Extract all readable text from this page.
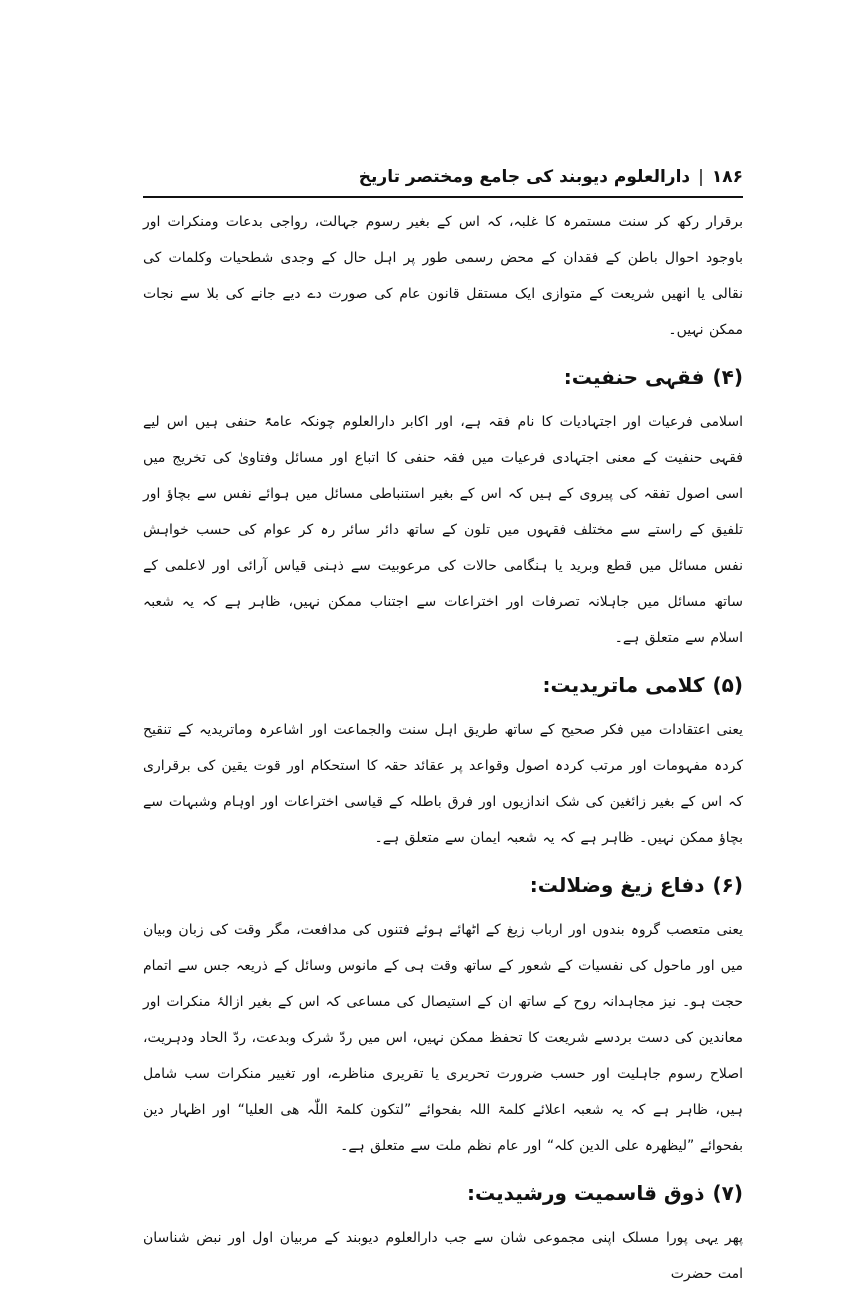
۱۸۶
|
دارالعلوم دیوبند کی جامع ومختصر تاریخ

برقرار رکھ کر سنت مستمرہ کا غلبہ، کہ اس کے بغیر رسوم جہالت، رواجی بدعات ومنکرات اور باوجود احوال باطن کے فقدان کے محض رسمی طور پر اہل حال کے وجدی شطحیات وکلمات کی نقالی یا انھیں شریعت کے متوازی ایک مستقل قانون عام کی صورت دے دیے جانے کی بلا سے نجات ممکن نہیں۔

(۴)فقہی حنفیت:

اسلامی فرعیات اور اجتہادیات کا نام فقہ ہے، اور اکابر دارالعلوم چونکہ عامۃً حنفی ہیں اس لیے فقہی حنفیت کے معنی اجتہادی فرعیات میں فقہ حنفی کا اتباع اور مسائل وفتاویٰ کی تخریج میں اسی اصول تفقہ کی پیروی کے ہیں کہ اس کے بغیر استنباطی مسائل میں ہوائے نفس سے بچاؤ اور تلفیق کے راستے سے مختلف فقہوں میں تلون کے ساتھ دائر سائر رہ کر عوام کی حسب خواہش نفس مسائل میں قطع وبرید یا ہنگامی حالات کی مرعوبیت سے ذہنی قیاس آرائی اور لاعلمی کے ساتھ مسائل میں جاہلانہ تصرفات اور اختراعات سے اجتناب ممکن نہیں، ظاہر ہے کہ یہ شعبہ اسلام سے متعلق ہے۔

(۵)کلامی ماتریدیت:

یعنی اعتقادات میں فکر صحیح کے ساتھ طریق اہل سنت والجماعت اور اشاعرہ وماتریدیہ کے تنقیح کردہ مفہومات اور مرتب کردہ اصول وقواعد پر عقائد حقہ کا استحکام اور قوت یقین کی برقراری کہ اس کے بغیر زائغین کی شک اندازیوں اور فرق باطلہ کے قیاسی اختراعات اور اوہام وشبہات سے بچاؤ ممکن نہیں۔ ظاہر ہے کہ یہ شعبہ ایمان سے متعلق ہے۔

(۶)دفاع زیغ وضلالت:

یعنی متعصب گروہ بندوں اور ارباب زیغ کے اٹھائے ہوئے فتنوں کی مدافعت، مگر وقت کی زبان وبیان میں اور ماحول کی نفسیات کے شعور کے ساتھ وقت ہی کے مانوس وسائل کے ذریعہ جس سے اتمام حجت ہو۔ نیز مجاہدانہ روح کے ساتھ ان کے استیصال کی مساعی کہ اس کے بغیر ازالۂ منکرات اور معاندین کی دست بردسے شریعت کا تحفظ ممکن نہیں، اس میں ردّ شرک وبدعت، ردّ الحاد ودہریت، اصلاح رسوم جاہلیت اور حسب ضرورت تحریری یا تقریری مناظرے، اور تغییر منکرات سب شامل ہیں، ظاہر ہے کہ یہ شعبہ اعلائے کلمۃ اللہ بفحوائے ”لتکون کلمۃ اللّٰہ ھی العلیا“ اور اظہار دین بفحوائے ”لیظھرہ علی الدین کلہ“ اور عام نظم ملت سے متعلق ہے۔

(۷)ذوق قاسمیت ورشیدیت:

پھر یہی پورا مسلک اپنی مجموعی شان سے جب دارالعلوم دیوبند کے مربیان اول اور نبض شناسان امت حضرت
